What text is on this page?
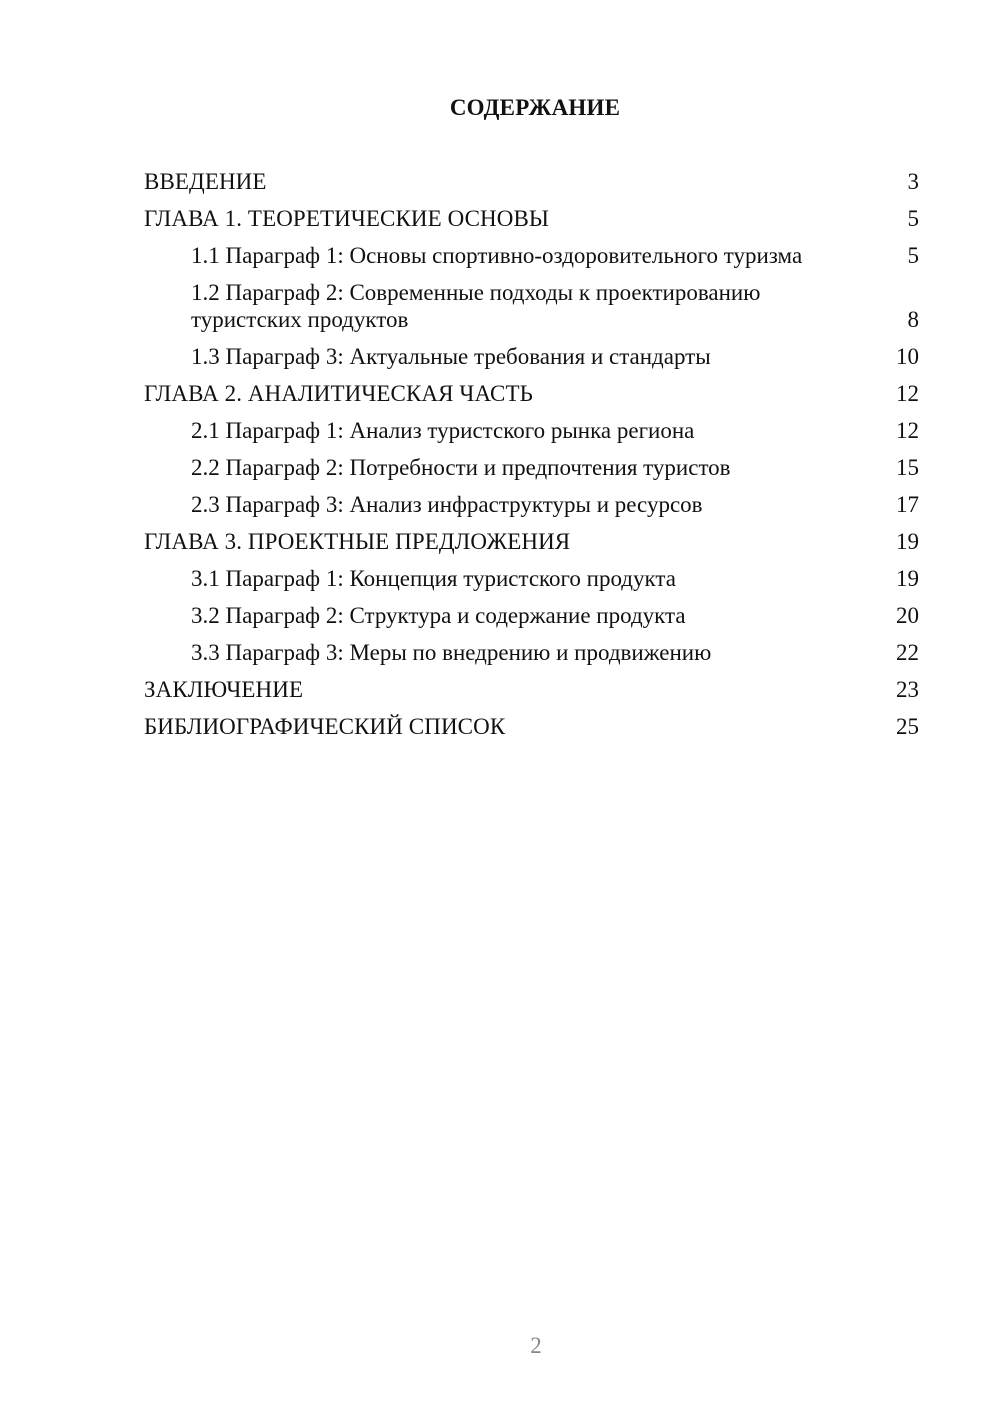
СОДЕРЖАНИЕ
ВВЕДЕНИЕ	3
ГЛАВА 1. ТЕОРЕТИЧЕСКИЕ ОСНОВЫ	5
1.1 Параграф 1: Основы спортивно-оздоровительного туризма	5
1.2 Параграф 2: Современные подходы к проектированию туристских продуктов	8
1.3 Параграф 3: Актуальные требования и стандарты	10
ГЛАВА 2. АНАЛИТИЧЕСКАЯ ЧАСТЬ	12
2.1 Параграф 1: Анализ туристского рынка региона	12
2.2 Параграф 2: Потребности и предпочтения туристов	15
2.3 Параграф 3: Анализ инфраструктуры и ресурсов	17
ГЛАВА 3. ПРОЕКТНЫЕ ПРЕДЛОЖЕНИЯ	19
3.1 Параграф 1: Концепция туристского продукта	19
3.2 Параграф 2: Структура и содержание продукта	20
3.3 Параграф 3: Меры по внедрению и продвижению	22
ЗАКЛЮЧЕНИЕ	23
БИБЛИОГРАФИЧЕСКИЙ СПИСОК	25
2
